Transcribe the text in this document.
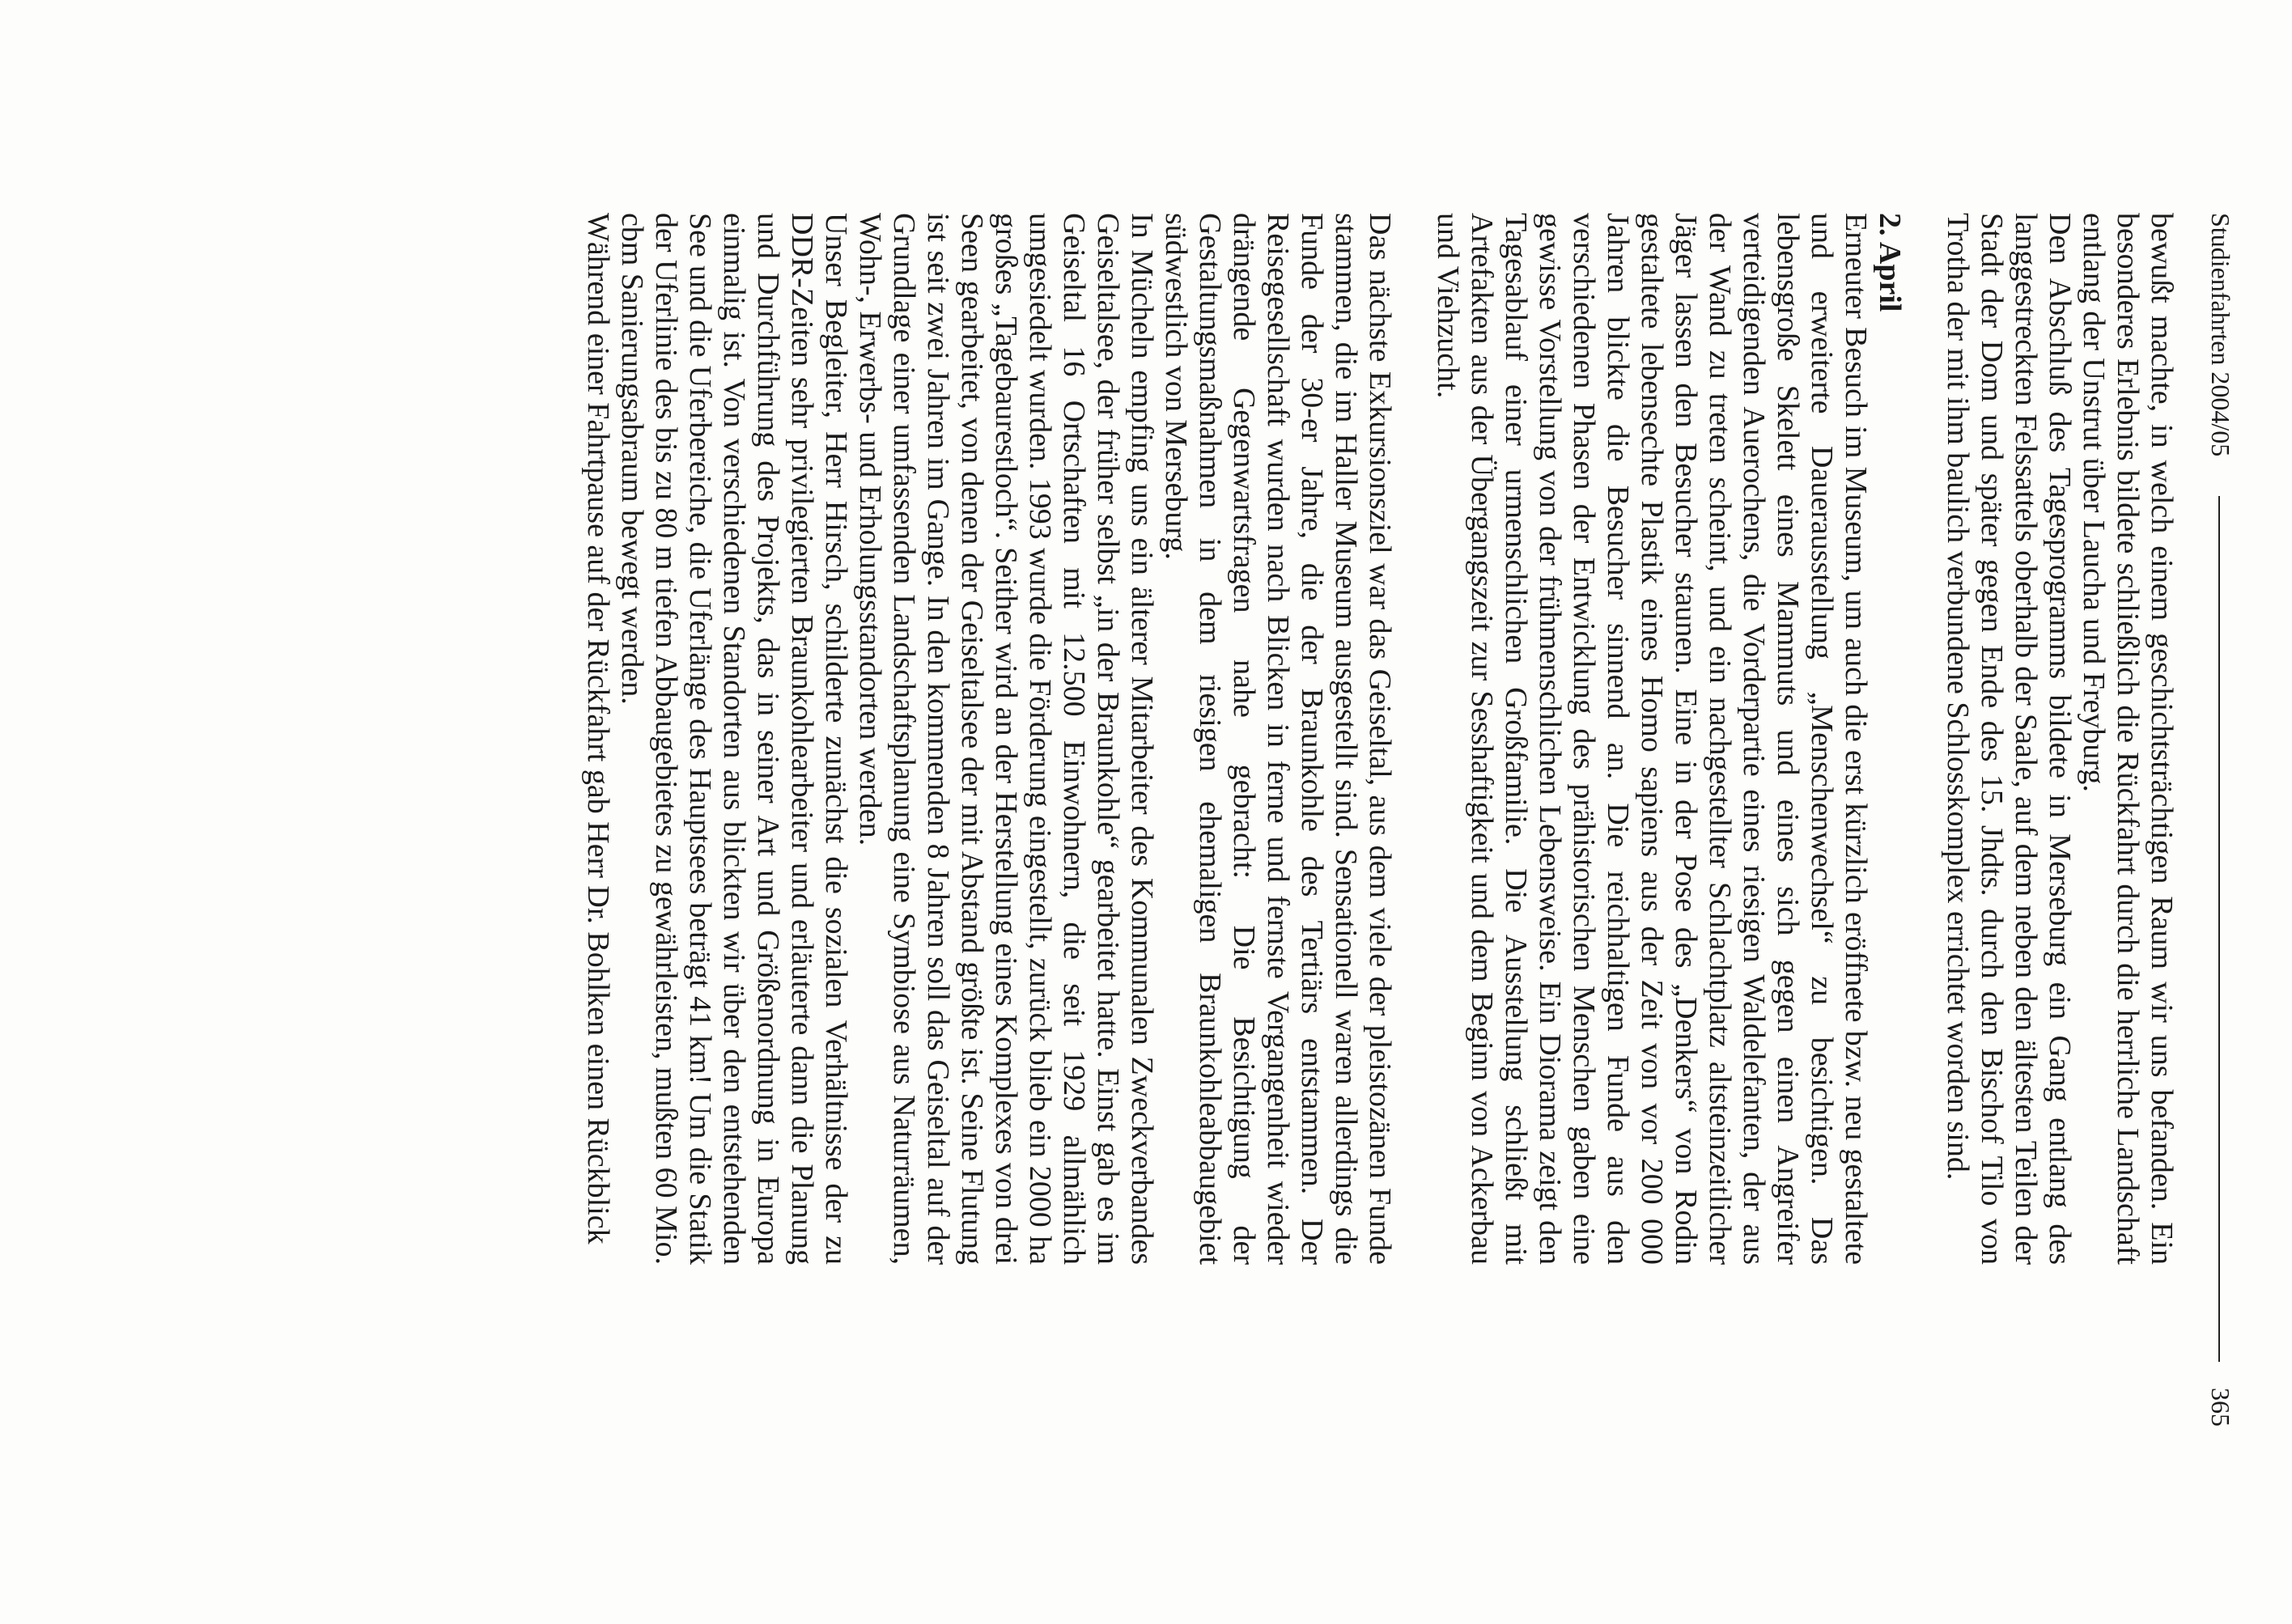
Studienfahrten 2004/05
365

bewußt machte, in welch einem geschichtsträchtigen Raum wir uns befanden. Ein besonderes Erlebnis bildete schließlich die Rückfahrt durch die herrliche Landschaft entlang der Unstrut über Laucha und Freyburg.

Den Abschluß des Tagesprogramms bildete in Merseburg ein Gang entlang des langgestreckten Felssattels oberhalb der Saale, auf dem neben den ältesten Teilen der Stadt der Dom und später gegen Ende des 15. Jhdts. durch den Bischof Tilo von Trotha der mit ihm baulich verbundene Schlosskomplex errichtet worden sind.

2. April

Erneuter Besuch im Museum, um auch die erst kürzlich eröffnete bzw. neu gestaltete und erweiterte Dauerausstellung „Menschenwechsel“ zu besichtigen. Das lebensgroße Skelett eines Mammuts und eines sich gegen einen Angreifer verteidigenden Auerochens, die Vorderpartie eines riesigen Waldelefanten, der aus der Wand zu treten scheint, und ein nachgestellter Schlachtplatz altsteinzeitlicher Jäger lassen den Besucher staunen. Eine in der Pose des „Denkers“ von Rodin gestaltete lebensechte Plastik eines Homo sapiens aus der Zeit von vor 200 000 Jahren blickte die Besucher sinnend an. Die reichhaltigen Funde aus den verschiedenen Phasen der Entwicklung des prähistorischen Menschen gaben eine gewisse Vorstellung von der frühmenschlichen Lebensweise. Ein Diorama zeigt den Tagesablauf einer urmenschlichen Großfamilie. Die Ausstellung schließt mit Artefakten aus der Übergangszeit zur Sesshaftigkeit und dem Beginn von Ackerbau und Viehzucht.

Das nächste Exkursionsziel war das Geiseltal, aus dem viele der pleistozänen Funde stammen, die im Haller Museum ausgestellt sind. Sensationell waren allerdings die Funde der 30-er Jahre, die der Braunkohle des Tertiärs entstammen. Der Reisegesellschaft wurden nach Blicken in ferne und fernste Vergangenheit wieder drängende Gegenwartsfragen nahe gebracht: Die Besichtigung der Gestaltungsmaßnahmen in dem riesigen ehemaligen Braunkohleabbaugebiet südwestlich von Merseburg.

In Mücheln empfing uns ein älterer Mitarbeiter des Kommunalen Zweckverbandes Geiseltalsee, der früher selbst „in der Braunkohle“ gearbeitet hatte. Einst gab es im Geiseltal 16 Ortschaften mit 12.500 Einwohnern, die seit 1929 allmählich umgesiedelt wurden. 1993 wurde die Förderung eingestellt, zurück blieb ein 2000 ha großes „Tagebaurestloch“. Seither wird an der Herstellung eines Komplexes von drei Seen gearbeitet, von denen der Geiseltalsee der mit Abstand größte ist. Seine Flutung ist seit zwei Jahren im Gange. In den kommenden 8 Jahren soll das Geiseltal auf der Grundlage einer umfassenden Landschaftsplanung eine Symbiose aus Naturräumen, Wohn-, Erwerbs- und Erholungsstandorten werden.

Unser Begleiter, Herr Hirsch, schilderte zunächst die sozialen Verhältnisse der zu DDR-Zeiten sehr privilegierten Braunkohlearbeiter und erläuterte dann die Planung und Durchführung des Projekts, das in seiner Art und Größenordnung in Europa einmalig ist. Von verschiedenen Standorten aus blickten wir über den entstehenden See und die Uferbereiche, die Uferlänge des Hauptsees beträgt 41 km! Um die Statik der Uferlinie des bis zu 80 m tiefen Abbaugebietes zu gewährleisten, mußten 60 Mio. cbm Sanierungsabraum bewegt werden.

Während einer Fahrtpause auf der Rückfahrt gab Herr Dr. Bohlken einen Rückblick
